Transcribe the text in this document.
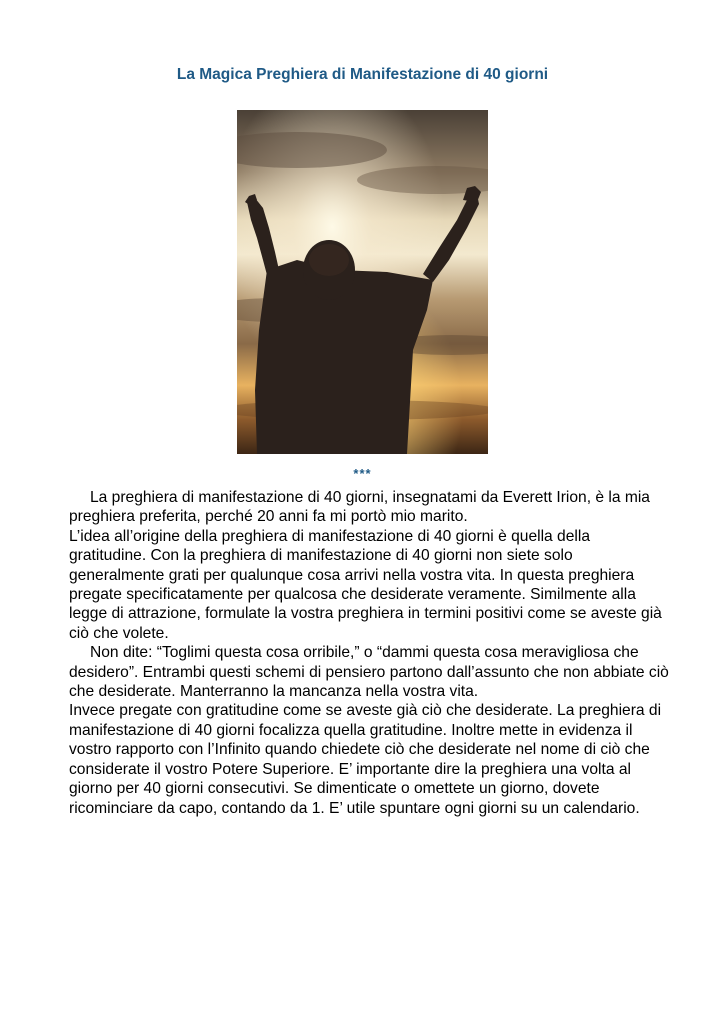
La Magica Preghiera di Manifestazione di 40 giorni
***

La preghiera di manifestazione di 40 giorni, insegnatami da Everett Irion, è la mia preghiera preferita, perché 20 anni fa mi portò mio marito.

L’idea all’origine della preghiera di manifestazione di 40 giorni è quella della gratitudine. Con la preghiera di manifestazione di 40 giorni non siete solo generalmente grati per qualunque cosa arrivi nella vostra vita. In questa preghiera pregate specificatamente per qualcosa che desiderate veramente. Similmente alla legge di attrazione, formulate la vostra preghiera in termini positivi come se aveste già ciò che volete.

Non dite: “Toglimi questa cosa orribile,” o “dammi questa cosa meravigliosa che desidero”. Entrambi questi schemi di pensiero partono dall’assunto che non abbiate ciò che desiderate. Manterranno la mancanza nella vostra vita.

Invece pregate con gratitudine come se aveste già ciò che desiderate. La preghiera di manifestazione di 40 giorni focalizza quella gratitudine. Inoltre mette in evidenza il vostro rapporto con l’Infinito quando chiedete ciò che desiderate nel nome di ciò che considerate il vostro Potere Superiore. E’ importante dire la preghiera una volta al giorno per 40 giorni consecutivi. Se dimenticate o omettete un giorno, dovete ricominciare da capo, contando da 1. E’ utile spuntare ogni giorni su un calendario.
